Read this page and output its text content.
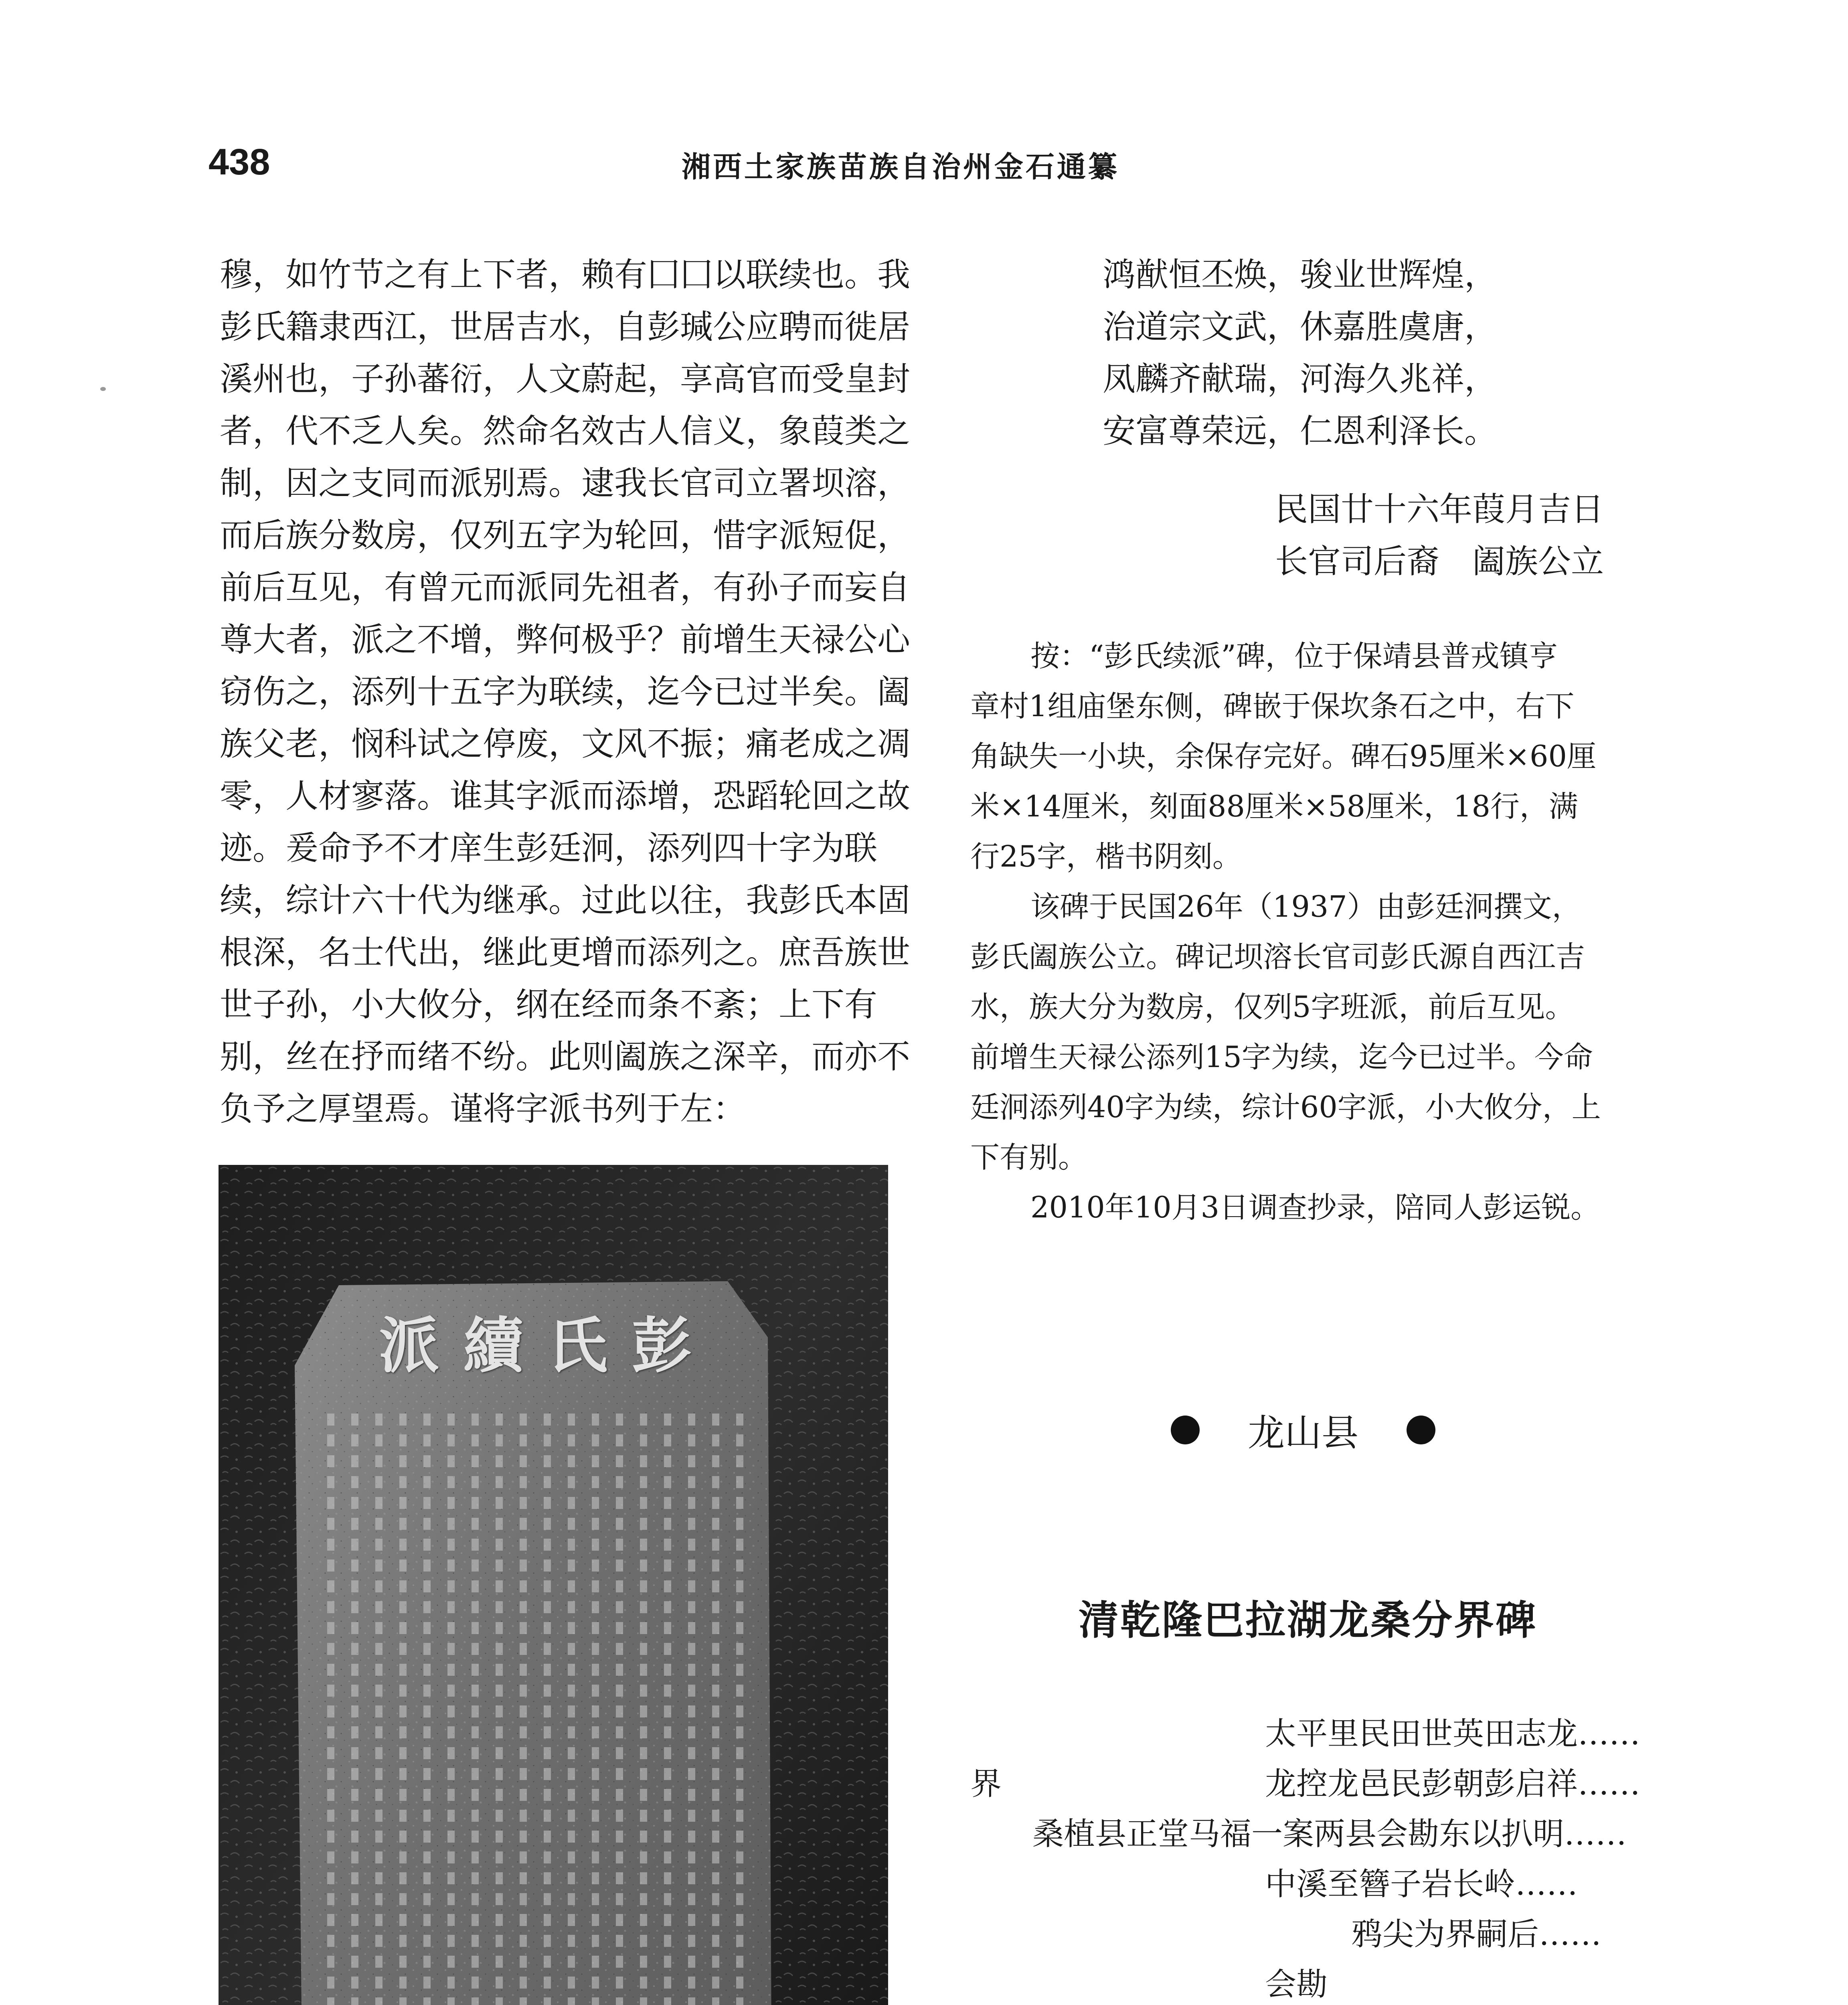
438	湘西土家族苗族自治州金石通纂
穆，如竹节之有上下者，赖有囗囗以联续也。我
彭氏籍隶西江，世居吉水，自彭瑊公应聘而徙居
溪州也，子孙蕃衍，人文蔚起，享高官而受皇封
者，代不乏人矣。然命名效古人信义，象葭类之
制，因之支同而派别焉。逮我长官司立署坝溶，
而后族分数房，仅列五字为轮回，惜字派短促，
前后互见，有曾元而派同先祖者，有孙子而妄自
尊大者，派之不增，弊何极乎？前增生天禄公心
窃伤之，添列十五字为联续，迄今已过半矣。阖
族父老，悯科试之停废，文风不振；痛老成之凋
零，人材寥落。谁其字派而添增，恐蹈轮回之故
迹。爰命予不才庠生彭廷泂，添列四十字为联
续，综计六十代为继承。过此以往，我彭氏本固
根深，名士代出，继此更增而添列之。庶吾族世
世子孙，小大攸分，纲在经而条不紊；上下有
别，丝在抒而绪不纷。此则阖族之深辛，而亦不
负予之厚望焉。谨将字派书列于左：
派續氏彭
鸿猷恒丕焕，骏业世辉煌，
治道宗文武，休嘉胜虞唐，
凤麟齐献瑞，河海久兆祥，
安富尊荣远，仁恩利泽长。
民国廿十六年葭月吉日
长官司后裔　阖族公立
按：“彭氏续派”碑，位于保靖县普戎镇亨
章村1组庙堡东侧，碑嵌于保坎条石之中，右下
角缺失一小块，余保存完好。碑石95厘米×60厘
米×14厘米，刻面88厘米×58厘米，18行，满
行25字，楷书阴刻。
该碑于民国26年（1937）由彭廷泂撰文，
彭氏阖族公立。碑记坝溶长官司彭氏源自西江吉
水，族大分为数房，仅列5字班派，前后互见。
前增生天禄公添列15字为续，迄今已过半。今命
廷泂添列40字为续，综计60字派，小大攸分，上
下有别。
2010年10月3日调查抄录，陪同人彭运锐。
龙山县
清乾隆巴拉湖龙桑分界碑
太平里民田世英田志龙……
界	龙控龙邑民彭朝彭启祥……
桑植县正堂马福一案两县会勘东以扒明……
中溪至簪子岩长岭……
鸦尖为界嗣后……
会勘
